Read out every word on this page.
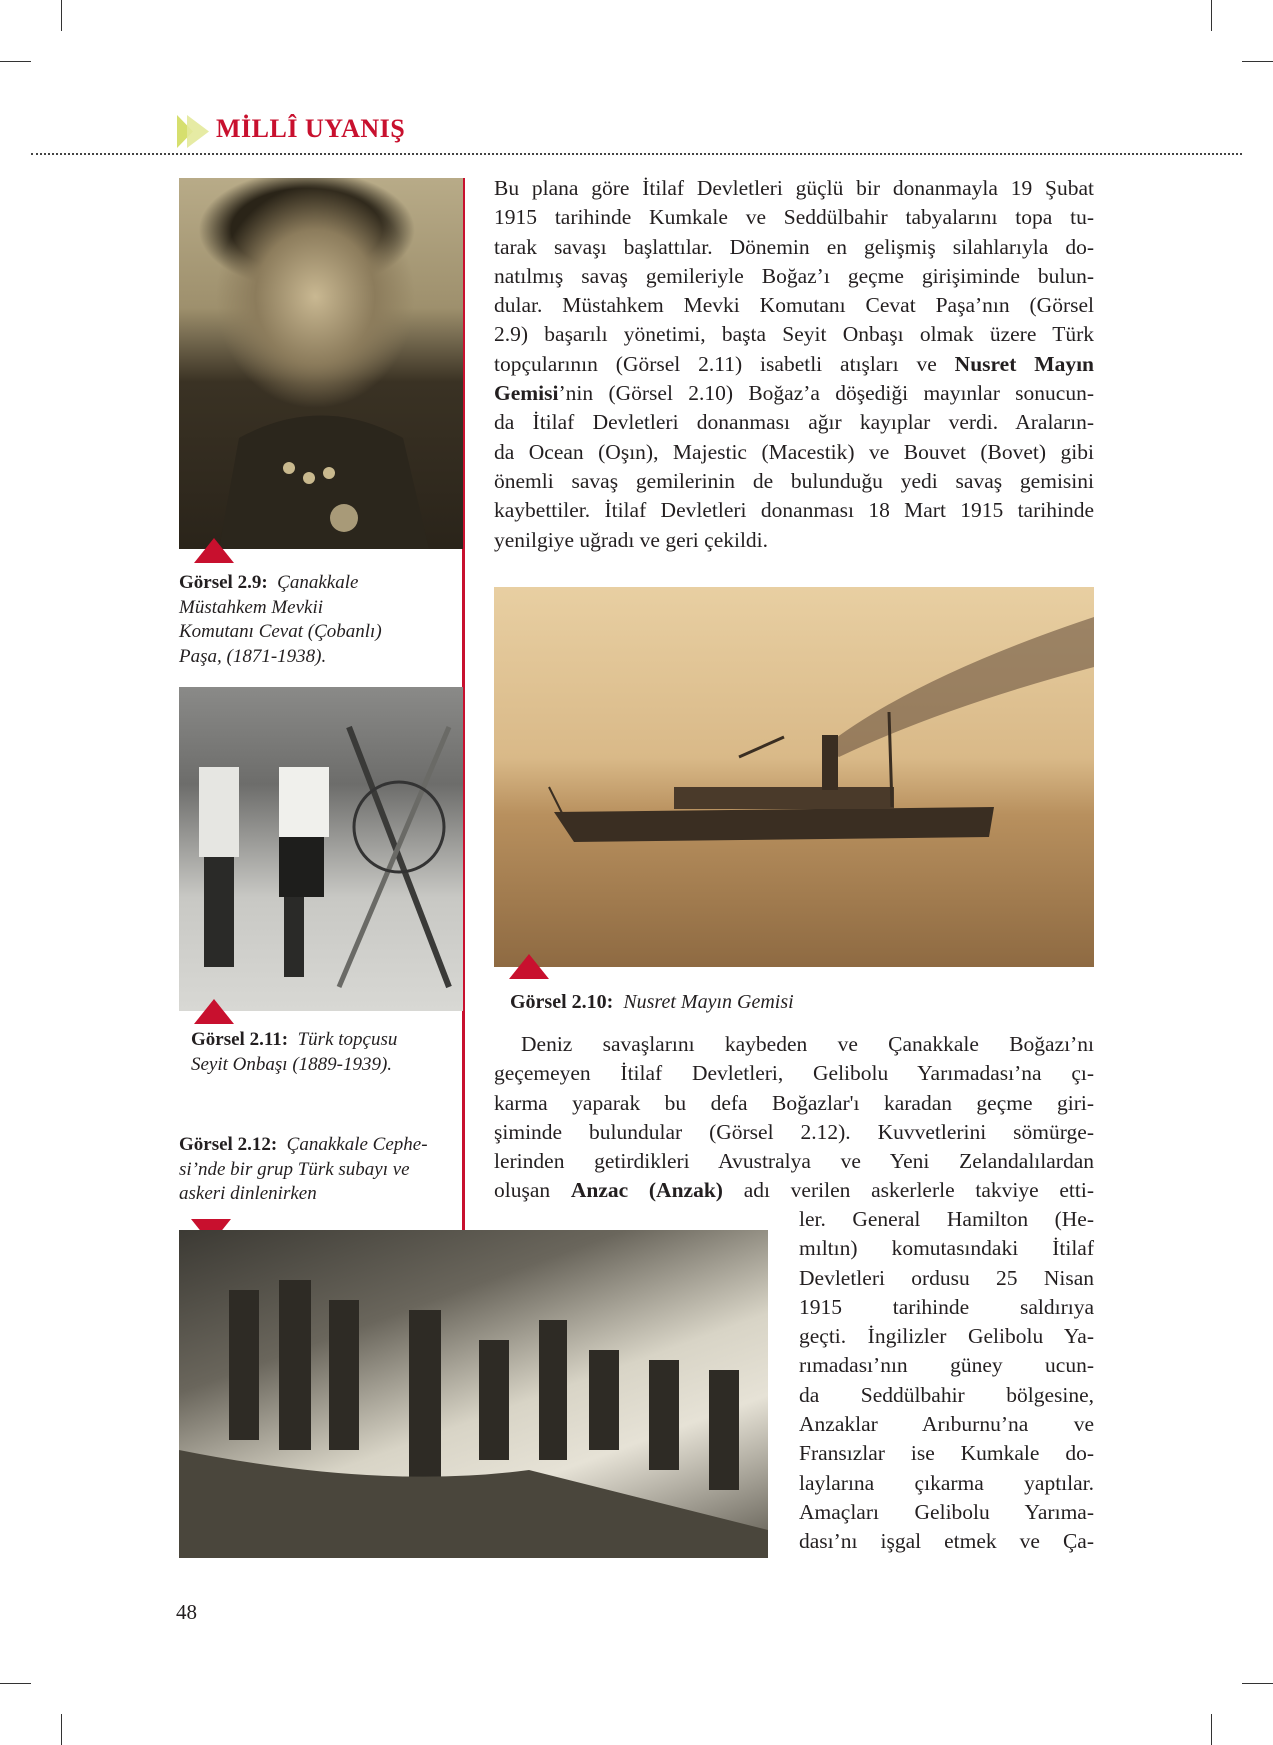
MİLLÎ UYANIŞ
Görsel 2.9: Çanakkale
Müstahkem Mevkii
Komutanı Cevat (Çobanlı)
Paşa, (1871-1938).
Görsel 2.11: Türk topçusu
Seyit Onbaşı (1889-1939).
Görsel 2.12: Çanakkale Cephe-
si’nde bir grup Türk subayı ve
askeri dinlenirken
Bu plana göre İtilaf Devletleri güçlü bir donanmayla 19 Şubat
1915 tarihinde Kumkale ve Seddülbahir tabyalarını topa tu-
tarak savaşı başlattılar. Dönemin en gelişmiş silahlarıyla do-
natılmış savaş gemileriyle Boğaz’ı geçme girişiminde bulun-
dular. Müstahkem Mevki Komutanı Cevat Paşa’nın (Görsel
2.9) başarılı yönetimi, başta Seyit Onbaşı olmak üzere Türk
topçularının (Görsel 2.11) isabetli atışları ve Nusret Mayın
Gemisi’nin (Görsel 2.10) Boğaz’a döşediği mayınlar sonucun-
da İtilaf Devletleri donanması ağır kayıplar verdi. Araların-
da Ocean (Oşın), Majestic (Macestik) ve Bouvet (Bovet) gibi
önemli savaş gemilerinin de bulunduğu yedi savaş gemisini
kaybettiler. İtilaf Devletleri donanması 18 Mart 1915 tarihinde
yenilgiye uğradı ve geri çekildi.
Görsel 2.10: Nusret Mayın Gemisi
Deniz savaşlarını kaybeden ve Çanakkale Boğazı’nı
geçemeyen İtilaf Devletleri, Gelibolu Yarımadası’na çı-
karma yaparak bu defa Boğazlar'ı karadan geçme giri-
şiminde bulundular (Görsel 2.12). Kuvvetlerini sömürge-
lerinden getirdikleri Avustralya ve Yeni Zelandalılardan
oluşan Anzac (Anzak) adı verilen askerlerle takviye etti-
ler. General Hamilton (He-
mıltın) komutasındaki İtilaf
Devletleri ordusu 25 Nisan
1915 tarihinde saldırıya
geçti. İngilizler Gelibolu Ya-
rımadası’nın güney ucun-
da Seddülbahir bölgesine,
Anzaklar Arıburnu’na ve
Fransızlar ise Kumkale do-
laylarına çıkarma yaptılar.
Amaçları Gelibolu Yarıma-
dası’nı işgal etmek ve Ça-
48
